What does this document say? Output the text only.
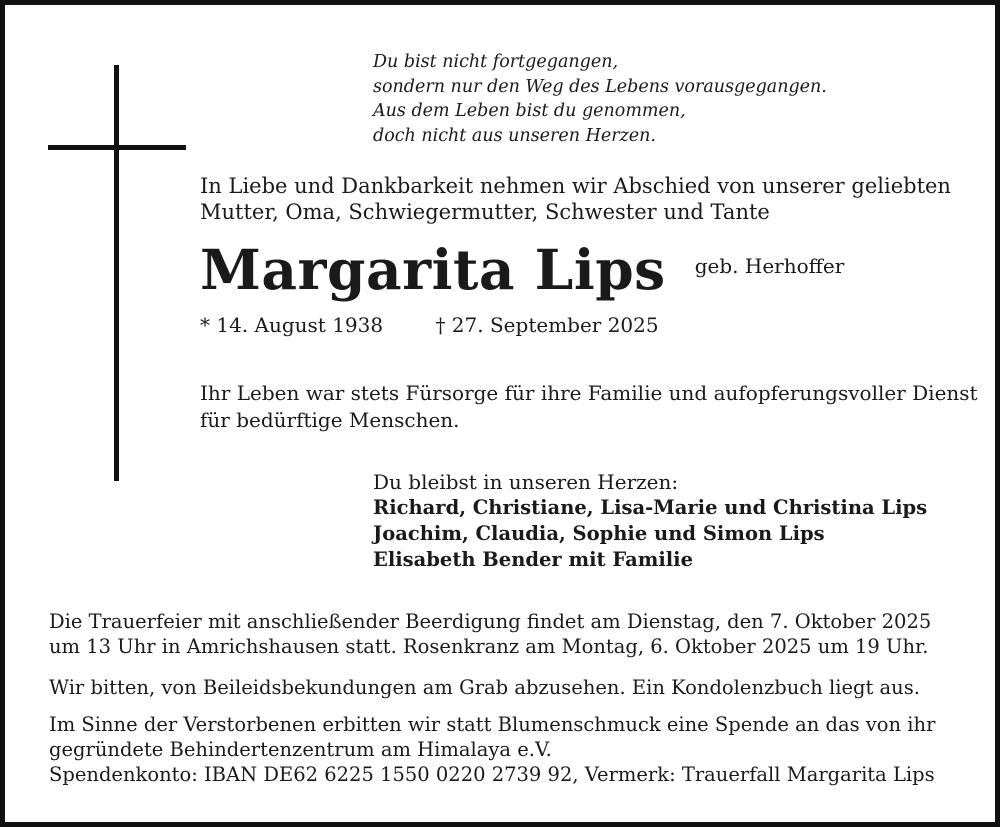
Du bist nicht fortgegangen,
sondern nur den Weg des Lebens vorausgegangen.
Aus dem Leben bist du genommen,
doch nicht aus unseren Herzen.
In Liebe und Dankbarkeit nehmen wir Abschied von unserer geliebten
Mutter, Oma, Schwiegermutter, Schwester und Tante
Margarita Lips geb. Herhoffer
* 14. August 1938	† 27. September 2025
Ihr Leben war stets Fürsorge für ihre Familie und aufopferungsvoller Dienst
für bedürftige Menschen.
Du bleibst in unseren Herzen:
Richard, Christiane, Lisa-Marie und Christina Lips
Joachim, Claudia, Sophie und Simon Lips
Elisabeth Bender mit Familie
Die Trauerfeier mit anschließender Beerdigung findet am Dienstag, den 7. Oktober 2025
um 13 Uhr in Amrichshausen statt. Rosenkranz am Montag, 6. Oktober 2025 um 19 Uhr.
Wir bitten, von Beileidsbekundungen am Grab abzusehen. Ein Kondolenzbuch liegt aus.
Im Sinne der Verstorbenen erbitten wir statt Blumenschmuck eine Spende an das von ihr
gegründete Behindertenzentrum am Himalaya e.V.
Spendenkonto: IBAN DE62 6225 1550 0220 2739 92, Vermerk: Trauerfall Margarita Lips
